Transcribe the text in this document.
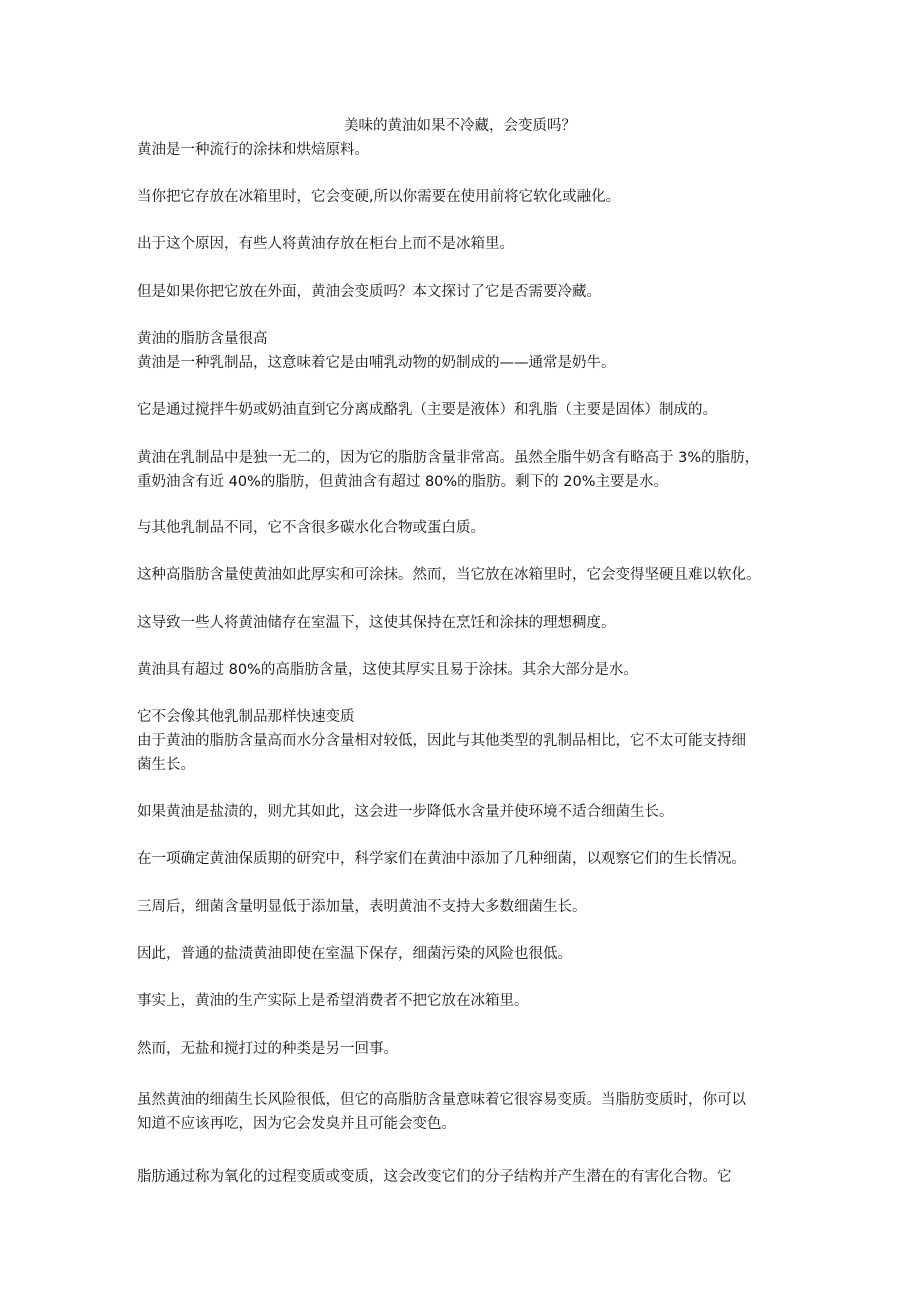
美味的黄油如果不冷藏，会变质吗？
黄油是一种流行的涂抹和烘焙原料。
当你把它存放在冰箱里时，它会变硬,所以你需要在使用前将它软化或融化。
出于这个原因，有些人将黄油存放在柜台上而不是冰箱里。
但是如果你把它放在外面，黄油会变质吗？本文探讨了它是否需要冷藏。
黄油的脂肪含量很高
黄油是一种乳制品，这意味着它是由哺乳动物的奶制成的——通常是奶牛。
它是通过搅拌牛奶或奶油直到它分离成酪乳（主要是液体）和乳脂（主要是固体）制成的。
黄油在乳制品中是独一无二的，因为它的脂肪含量非常高。虽然全脂牛奶含有略高于 3%的脂肪，
重奶油含有近 40%的脂肪，但黄油含有超过 80%的脂肪。剩下的 20%主要是水。
与其他乳制品不同，它不含很多碳水化合物或蛋白质。
这种高脂肪含量使黄油如此厚实和可涂抹。然而，当它放在冰箱里时，它会变得坚硬且难以软化。
这导致一些人将黄油储存在室温下，这使其保持在烹饪和涂抹的理想稠度。
黄油具有超过 80%的高脂肪含量，这使其厚实且易于涂抹。其余大部分是水。
它不会像其他乳制品那样快速变质
由于黄油的脂肪含量高而水分含量相对较低，因此与其他类型的乳制品相比，它不太可能支持细
菌生长。
如果黄油是盐渍的，则尤其如此，这会进一步降低水含量并使环境不适合细菌生长。
在一项确定黄油保质期的研究中，科学家们在黄油中添加了几种细菌，以观察它们的生长情况。
三周后，细菌含量明显低于添加量，表明黄油不支持大多数细菌生长。
因此，普通的盐渍黄油即使在室温下保存，细菌污染的风险也很低。
事实上，黄油的生产实际上是希望消费者不把它放在冰箱里。
然而，无盐和搅打过的种类是另一回事。
虽然黄油的细菌生长风险很低，但它的高脂肪含量意味着它很容易变质。当脂肪变质时，你可以
知道不应该再吃，因为它会发臭并且可能会变色。
脂肪通过称为氧化的过程变质或变质，这会改变它们的分子结构并产生潜在的有害化合物。它
